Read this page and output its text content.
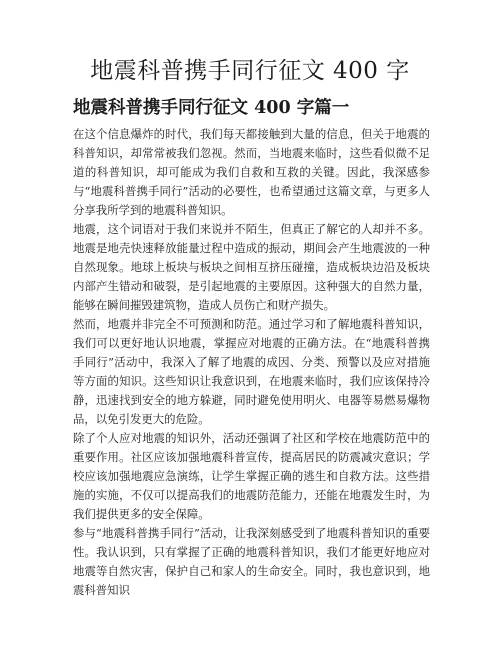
地震科普携手同行征文 400 字
地震科普携手同行征文 400 字篇一

在这个信息爆炸的时代，我们每天都接触到大量的信息，但关于地震的科普知识，却常常被我们忽视。然而，当地震来临时，这些看似微不足道的科普知识，却可能成为我们自救和互救的关键。因此，我深感参与“地震科普携手同行”活动的必要性，也希望通过这篇文章，与更多人分享我所学到的地震科普知识。

地震，这个词语对于我们来说并不陌生，但真正了解它的人却并不多。地震是地壳快速释放能量过程中造成的振动，期间会产生地震波的一种自然现象。地球上板块与板块之间相互挤压碰撞，造成板块边沿及板块内部产生错动和破裂，是引起地震的主要原因。这种强大的自然力量，能够在瞬间摧毁建筑物，造成人员伤亡和财产损失。

然而，地震并非完全不可预测和防范。通过学习和了解地震科普知识，我们可以更好地认识地震，掌握应对地震的正确方法。在“地震科普携手同行”活动中，我深入了解了地震的成因、分类、预警以及应对措施等方面的知识。这些知识让我意识到，在地震来临时，我们应该保持冷静，迅速找到安全的地方躲避，同时避免使用明火、电器等易燃易爆物品，以免引发更大的危险。

除了个人应对地震的知识外，活动还强调了社区和学校在地震防范中的重要作用。社区应该加强地震科普宣传，提高居民的防震减灾意识；学校应该加强地震应急演练，让学生掌握正确的逃生和自救方法。这些措施的实施，不仅可以提高我们的地震防范能力，还能在地震发生时，为我们提供更多的安全保障。

参与“地震科普携手同行”活动，让我深刻感受到了地震科普知识的重要性。我认识到，只有掌握了正确的地震科普知识，我们才能更好地应对地震等自然灾害，保护自己和家人的生命安全。同时，我也意识到，地震科普知识
